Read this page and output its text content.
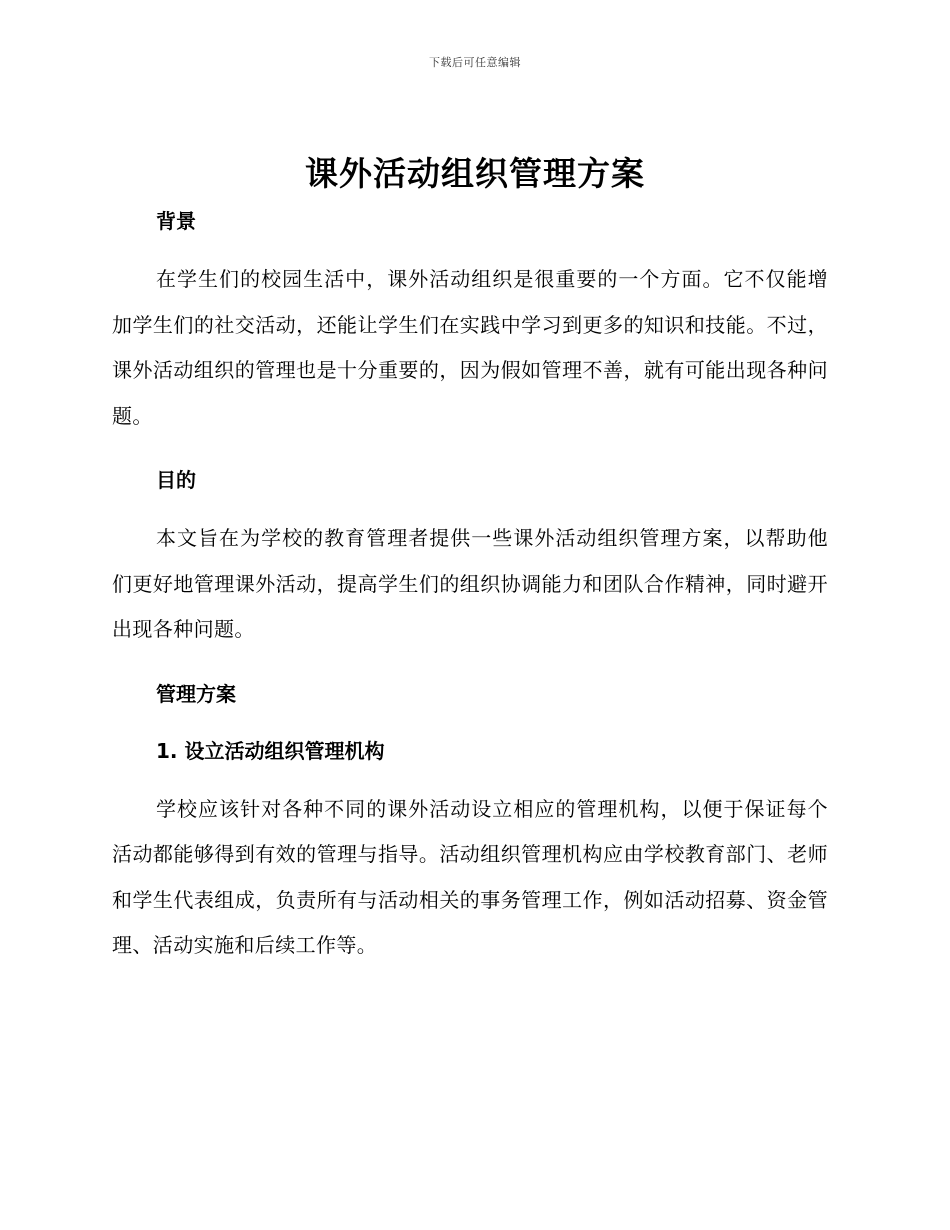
下载后可任意编辑
课外活动组织管理方案
背景

在学生们的校园生活中，课外活动组织是很重要的一个方面。它不仅能增加学生们的社交活动，还能让学生们在实践中学习到更多的知识和技能。不过，课外活动组织的管理也是十分重要的，因为假如管理不善，就有可能出现各种问题。

目的

本文旨在为学校的教育管理者提供一些课外活动组织管理方案，以帮助他们更好地管理课外活动，提高学生们的组织协调能力和团队合作精神，同时避开出现各种问题。

管理方案
1. 设立活动组织管理机构

学校应该针对各种不同的课外活动设立相应的管理机构，以便于保证每个活动都能够得到有效的管理与指导。活动组织管理机构应由学校教育部门、老师和学生代表组成，负责所有与活动相关的事务管理工作，例如活动招募、资金管理、活动实施和后续工作等。
